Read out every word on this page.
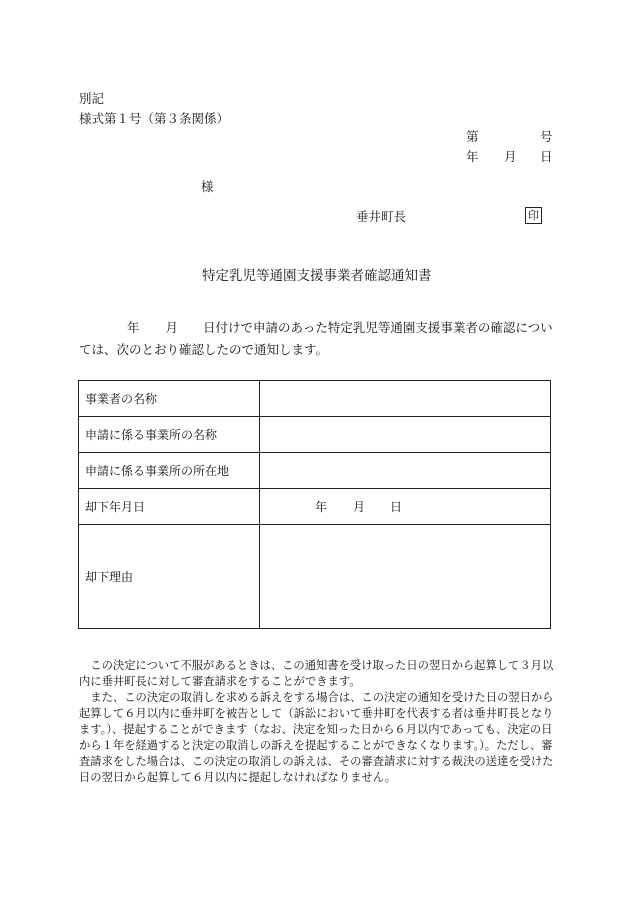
別記
様式第１号（第３条関係）
第	号
年 月 日
様
垂井町長	印
特定乳児等通園支援事業者確認通知書
年 月 日付けで申請のあった特定乳児等通園支援事業者の確認につい
ては、次のとおり確認したので通知します。
事業者の名称	
申請に係る事業所の名称	
申請に係る事業所の所在地	
却下年月日	年 月 日
却下理由	

この決定について不服があるときは、この通知書を受け取った日の翌日から起算して３月以内に垂井町長に対して審査請求をすることができます。

また、この決定の取消しを求める訴えをする場合は、この決定の通知を受けた日の翌日から起算して６月以内に垂井町を被告として（訴訟において垂井町を代表する者は垂井町長となります。）、提起することができます（なお、決定を知った日から６月以内であっても、決定の日から１年を経過すると決定の取消しの訴えを提起することができなくなります。）。ただし、審査請求をした場合は、この決定の取消しの訴えは、その審査請求に対する裁決の送達を受けた日の翌日から起算して６月以内に提起しなければなりません。
